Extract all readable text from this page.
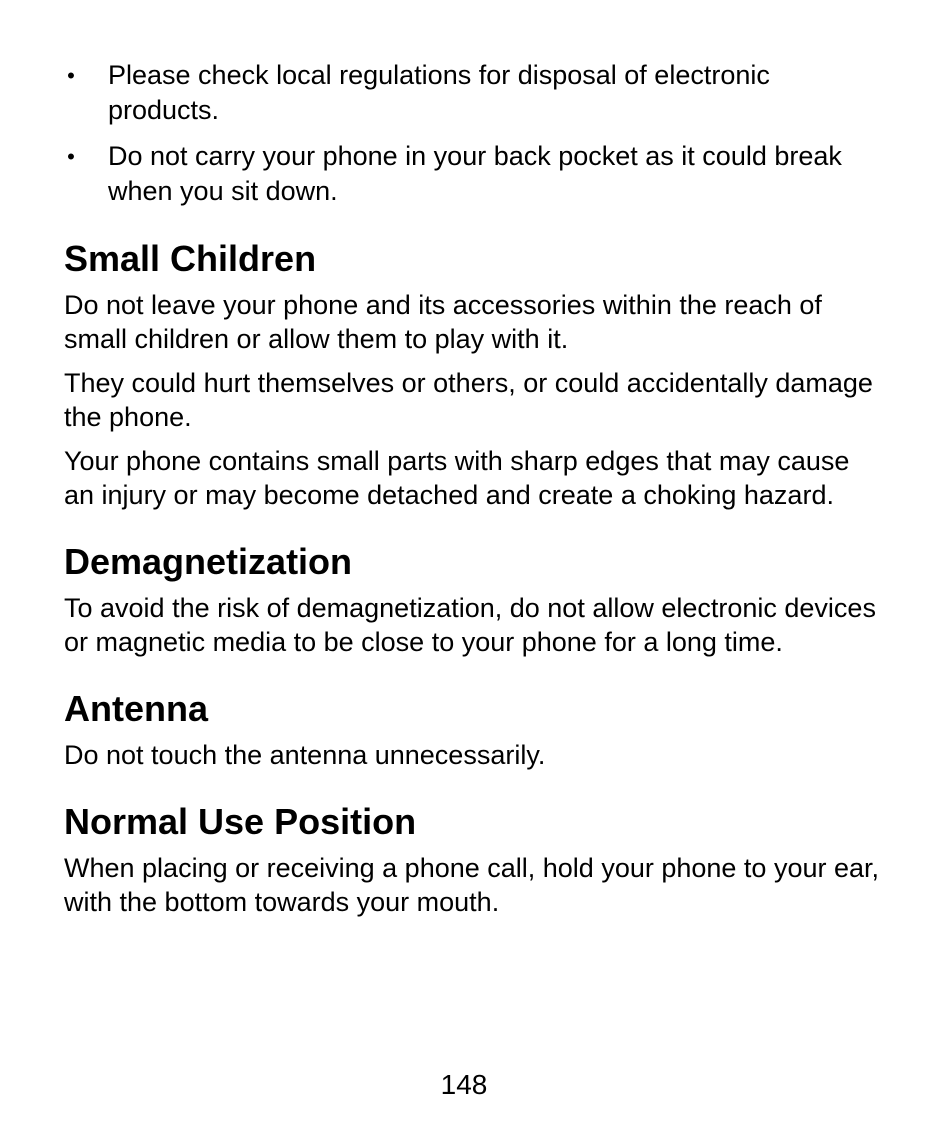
• Please check local regulations for disposal of electronic products.
• Do not carry your phone in your back pocket as it could break when you sit down.
Small Children

Do not leave your phone and its accessories within the reach of small children or allow them to play with it.

They could hurt themselves or others, or could accidentally damage the phone.

Your phone contains small parts with sharp edges that may cause an injury or may become detached and create a choking hazard.

Demagnetization

To avoid the risk of demagnetization, do not allow electronic devices or magnetic media to be close to your phone for a long time.

Antenna

Do not touch the antenna unnecessarily.

Normal Use Position

When placing or receiving a phone call, hold your phone to your ear, with the bottom towards your mouth.

148
